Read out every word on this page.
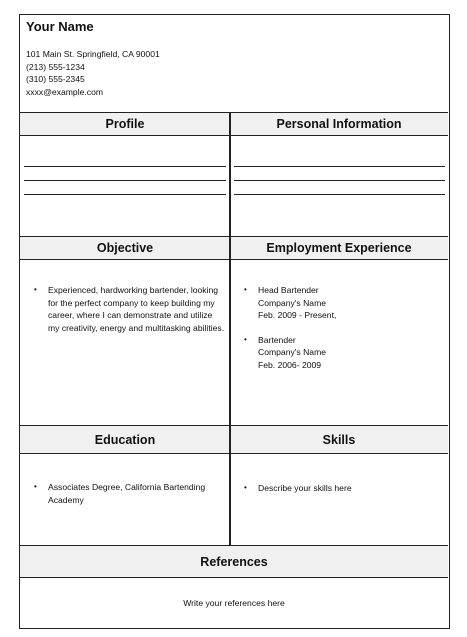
Your Name
101 Main St. Springfield, CA 90001
(213) 555-1234
(310) 555-2345
xxxx@example.com
Profile	Personal Information
Objective	Employment Experience
• Experienced, hardworking bartender, looking for the perfect company to keep building my career, where I can demonstrate and utilize my creativity, energy and multitasking abilities.
• Head Bartender
Company's Name
Feb. 2009 - Present,
• Bartender
Company's Name
Feb. 2006- 2009
Education	Skills
• Associates Degree, California Bartending Academy
• Describe your skills here
References
Write your references here
